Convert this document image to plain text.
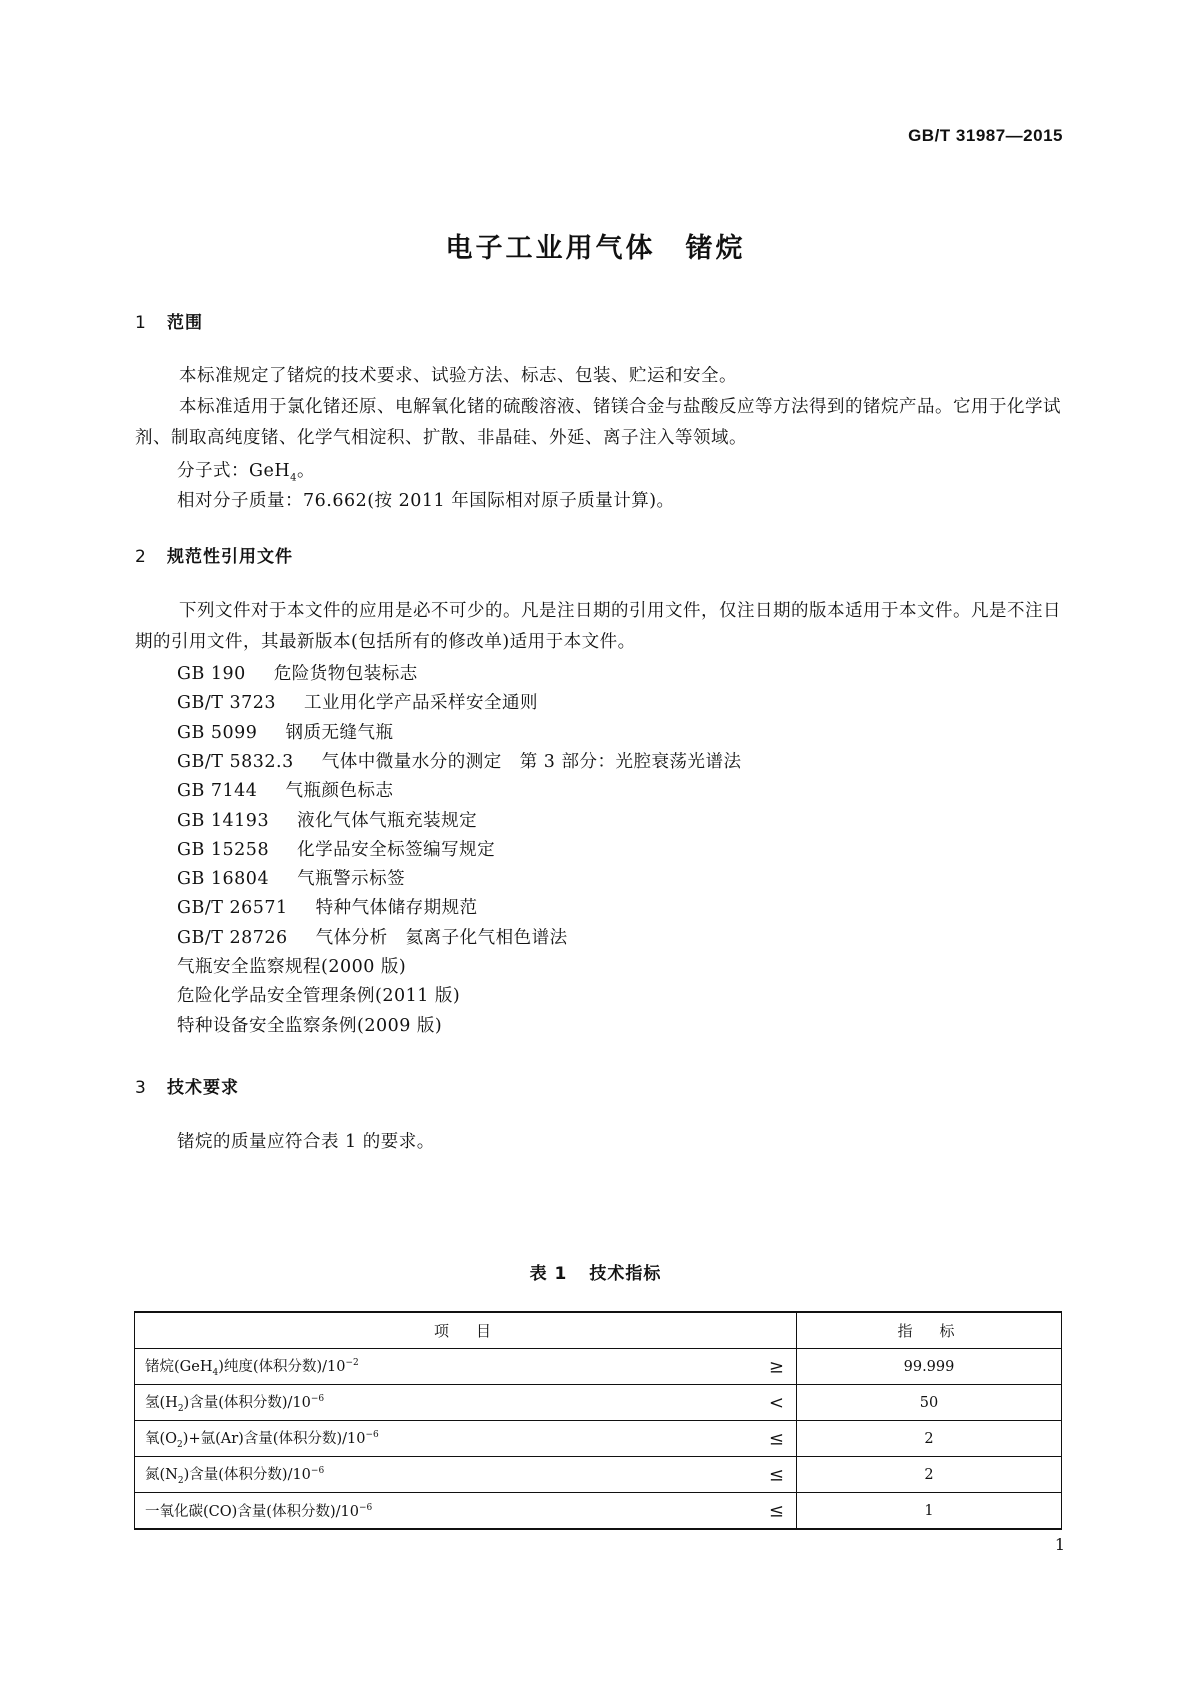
GB/T 31987—2015
电子工业用气体　锗烷
1 范围
本标准规定了锗烷的技术要求、试验方法、标志、包装、贮运和安全。
本标准适用于氯化锗还原、电解氧化锗的硫酸溶液、锗镁合金与盐酸反应等方法得到的锗烷产品。它用于化学试剂、制取高纯度锗、化学气相淀积、扩散、非晶硅、外延、离子注入等领域。
分子式：GeH$_4$。
相对分子质量：76.662(按 2011 年国际相对原子质量计算)。
2 规范性引用文件
下列文件对于本文件的应用是必不可少的。凡是注日期的引用文件，仅注日期的版本适用于本文件。凡是不注日期的引用文件，其最新版本(包括所有的修改单)适用于本文件。
GB 190 危险货物包装标志
GB/T 3723 工业用化学产品采样安全通则
GB 5099 钢质无缝气瓶
GB/T 5832.3 气体中微量水分的测定　第 3 部分：光腔衰荡光谱法
GB 7144 气瓶颜色标志
GB 14193 液化气体气瓶充装规定
GB 15258 化学品安全标签编写规定
GB 16804 气瓶警示标签
GB/T 26571 特种气体储存期规范
GB/T 28726 气体分析　氦离子化气相色谱法
气瓶安全监察规程(2000 版)
危险化学品安全管理条例(2011 版)
特种设备安全监察条例(2009 版)
3 技术要求
锗烷的质量应符合表 1 的要求。
表 1 技术指标
项　目	指　标
锗烷(GeH$_4$)纯度(体积分数)$/10^{-2}$ ≥	99.999
氢$(H_2)$含量(体积分数)$/10^{-6}$ <	50
氧$(O_2)+$氩(Ar)含量(体积分数)$/10^{-6}$ ≤	2
氮$(N_2)$含量(体积分数)$/10^{-6}$ ≤	2
一氧化碳(CO)含量(体积分数)$/10^{-6}$ ≤	1
1
